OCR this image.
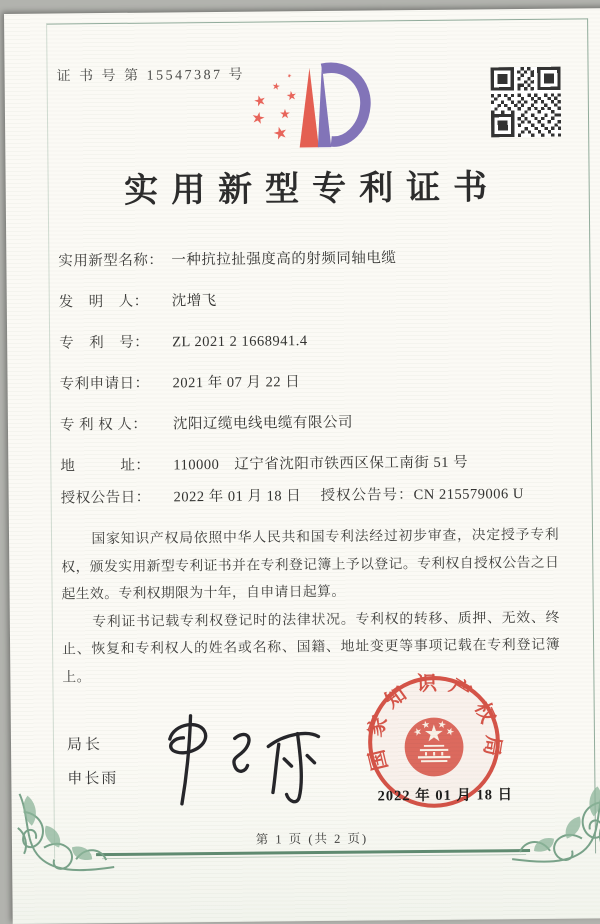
证 书 号 第 15547387 号
实用新型专利证书
实用新型名称： 一种抗拉扯强度高的射频同轴电缆
发　明　人： 沈增飞
专　利　号： ZL 2021 2 1668941.4
专利申请日： 2021 年 07 月 22 日
专 利 权 人： 沈阳辽缆电线电缆有限公司
地　　　址： 110000　辽宁省沈阳市铁西区保工南街 51 号
授权公告日： 2022 年 01 月 18 日 授权公告号：CN 215579006 U

国家知识产权局依照中华人民共和国专利法经过初步审查，决定授予专利权，颁发实用新型专利证书并在专利登记簿上予以登记。专利权自授权公告之日起生效。专利权期限为十年，自申请日起算。

专利证书记载专利权登记时的法律状况。专利权的转移、质押、无效、终止、恢复和专利权人的姓名或名称、国籍、地址变更等事项记载在专利登记簿上。

局长
申长雨
国家知识产权局
2022 年 01 月 18 日
第 1 页 (共 2 页)
